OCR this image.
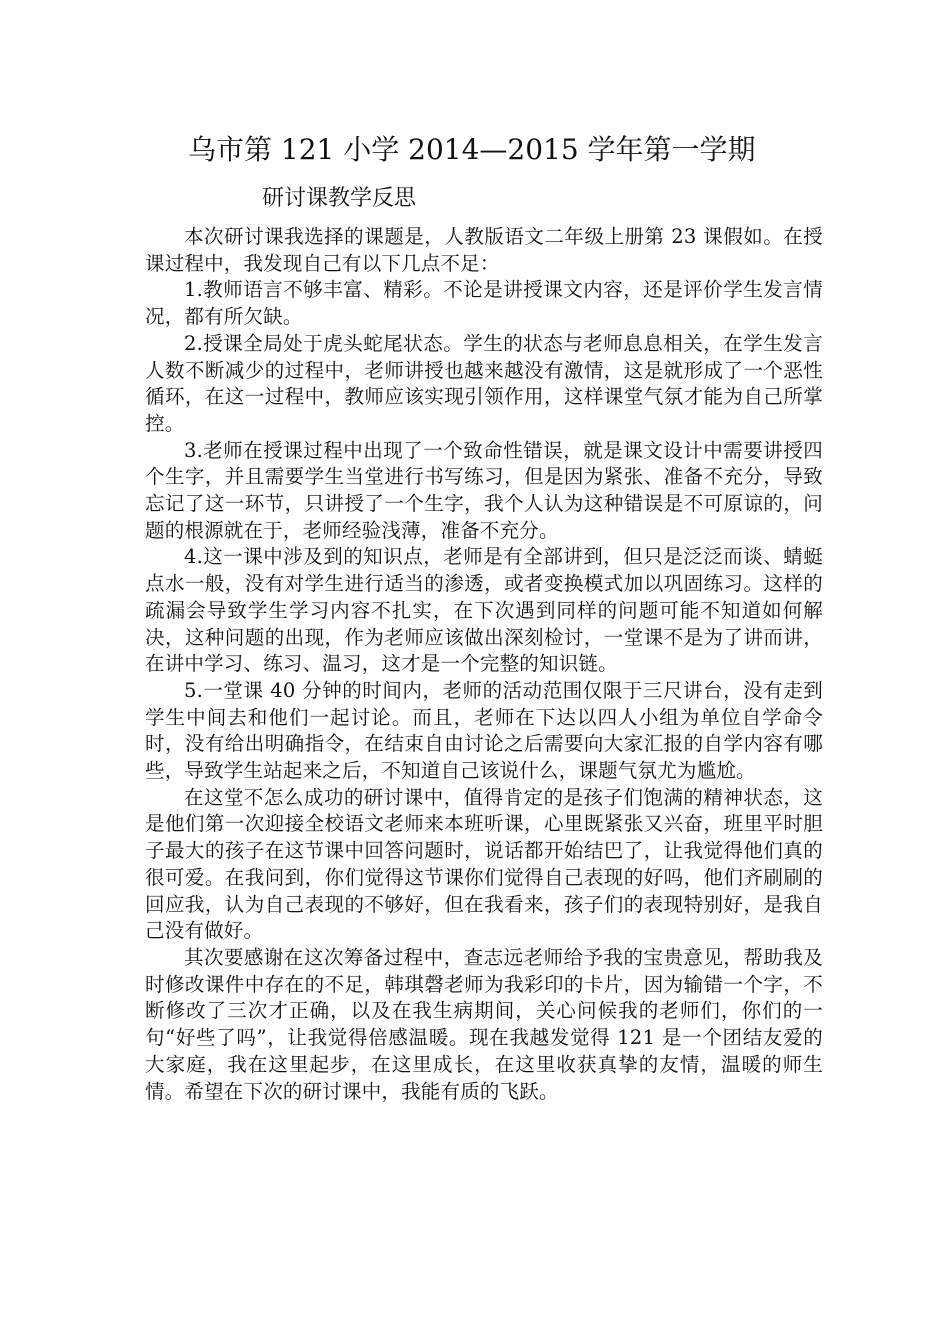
乌市第 121 小学 2014—2015 学年第一学期
研讨课教学反思

本次研讨课我选择的课题是，人教版语文二年级上册第 23 课假如。在授课过程中，我发现自己有以下几点不足：

1.教师语言不够丰富、精彩。不论是讲授课文内容，还是评价学生发言情况，都有所欠缺。

2.授课全局处于虎头蛇尾状态。学生的状态与老师息息相关，在学生发言人数不断减少的过程中，老师讲授也越来越没有激情，这是就形成了一个恶性循环，在这一过程中，教师应该实现引领作用，这样课堂气氛才能为自己所掌控。

3.老师在授课过程中出现了一个致命性错误，就是课文设计中需要讲授四个生字，并且需要学生当堂进行书写练习，但是因为紧张、准备不充分，导致忘记了这一环节，只讲授了一个生字，我个人认为这种错误是不可原谅的，问题的根源就在于，老师经验浅薄，准备不充分。

4.这一课中涉及到的知识点，老师是有全部讲到，但只是泛泛而谈、蜻蜓点水一般，没有对学生进行适当的渗透，或者变换模式加以巩固练习。这样的疏漏会导致学生学习内容不扎实，在下次遇到同样的问题可能不知道如何解决，这种问题的出现，作为老师应该做出深刻检讨，一堂课不是为了讲而讲，在讲中学习、练习、温习，这才是一个完整的知识链。

5.一堂课 40 分钟的时间内，老师的活动范围仅限于三尺讲台，没有走到学生中间去和他们一起讨论。而且，老师在下达以四人小组为单位自学命令时，没有给出明确指令，在结束自由讨论之后需要向大家汇报的自学内容有哪些，导致学生站起来之后，不知道自己该说什么，课题气氛尤为尴尬。

在这堂不怎么成功的研讨课中，值得肯定的是孩子们饱满的精神状态，这是他们第一次迎接全校语文老师来本班听课，心里既紧张又兴奋，班里平时胆子最大的孩子在这节课中回答问题时，说话都开始结巴了，让我觉得他们真的很可爱。在我问到，你们觉得这节课你们觉得自己表现的好吗，他们齐刷刷的回应我，认为自己表现的不够好，但在我看来，孩子们的表现特别好，是我自己没有做好。

其次要感谢在这次筹备过程中，查志远老师给予我的宝贵意见，帮助我及时修改课件中存在的不足，韩琪磬老师为我彩印的卡片，因为输错一个字，不断修改了三次才正确，以及在我生病期间，关心问候我的老师们，你们的一句“好些了吗”，让我觉得倍感温暖。现在我越发觉得 121 是一个团结友爱的大家庭，我在这里起步，在这里成长，在这里收获真挚的友情，温暖的师生情。希望在下次的研讨课中，我能有质的飞跃。
